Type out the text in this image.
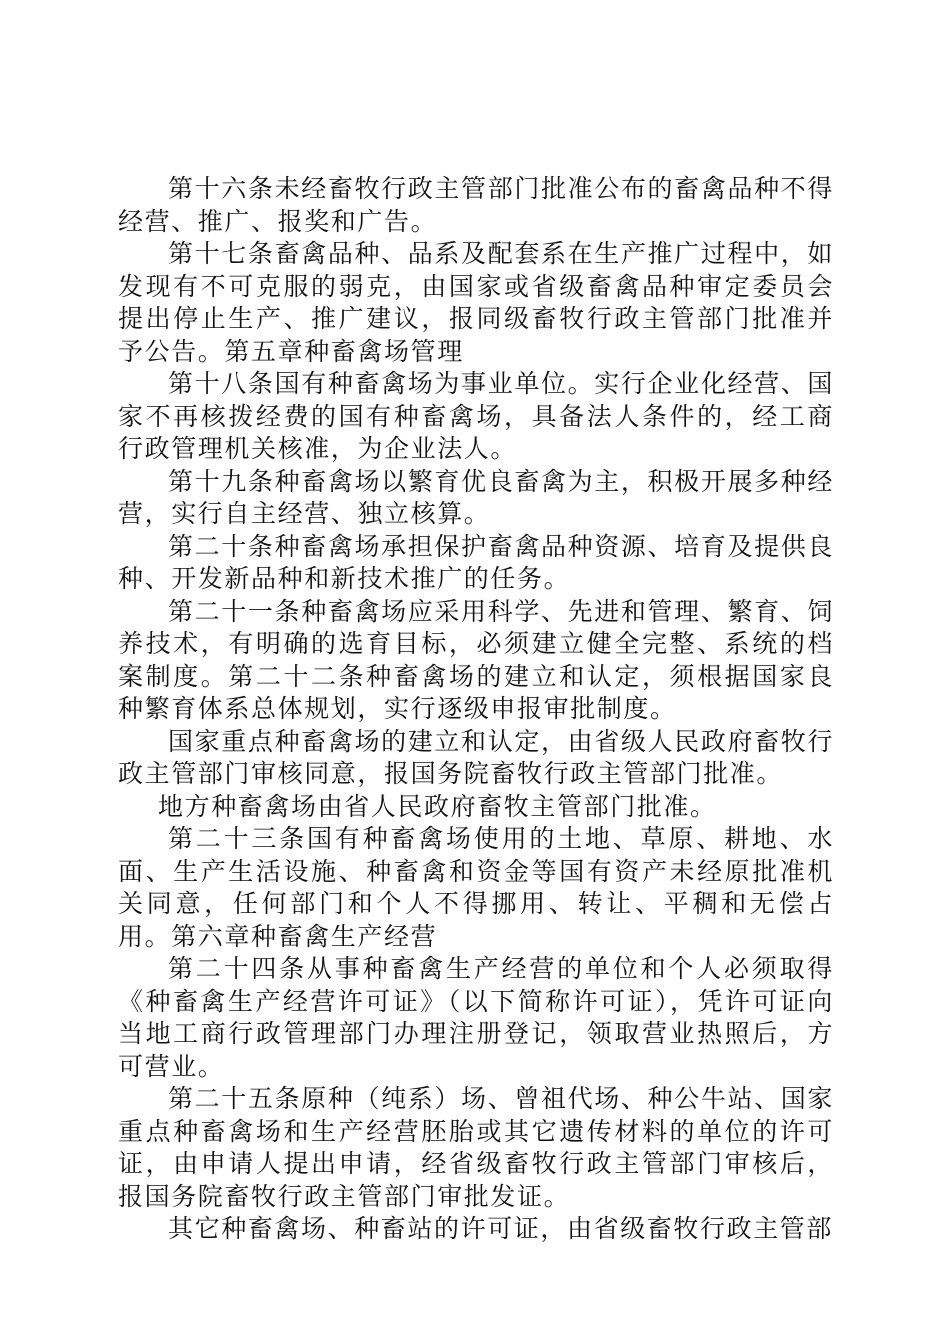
第十六条未经畜牧行政主管部门批准公布的畜禽品种不得经营、推广、报奖和广告。

第十七条畜禽品种、品系及配套系在生产推广过程中，如发现有不可克服的弱克，由国家或省级畜禽品种审定委员会提出停止生产、推广建议，报同级畜牧行政主管部门批准并予公告。第五章种畜禽场管理

第十八条国有种畜禽场为事业单位。实行企业化经营、国家不再核拨经费的国有种畜禽场，具备法人条件的，经工商行政管理机关核准，为企业法人。

第十九条种畜禽场以繁育优良畜禽为主，积极开展多种经营，实行自主经营、独立核算。

第二十条种畜禽场承担保护畜禽品种资源、培育及提供良种、开发新品种和新技术推广的任务。

第二十一条种畜禽场应采用科学、先进和管理、繁育、饲养技术，有明确的选育目标，必须建立健全完整、系统的档案制度。第二十二条种畜禽场的建立和认定，须根据国家良种繁育体系总体规划，实行逐级申报审批制度。

国家重点种畜禽场的建立和认定，由省级人民政府畜牧行政主管部门审核同意，报国务院畜牧行政主管部门批准。

地方种畜禽场由省人民政府畜牧主管部门批准。

第二十三条国有种畜禽场使用的土地、草原、耕地、水面、生产生活设施、种畜禽和资金等国有资产未经原批准机关同意，任何部门和个人不得挪用、转让、平稠和无偿占用。第六章种畜禽生产经营

第二十四条从事种畜禽生产经营的单位和个人必须取得《种畜禽生产经营许可证》（以下简称许可证），凭许可证向当地工商行政管理部门办理注册登记，领取营业热照后，方可营业。

第二十五条原种（纯系）场、曾祖代场、种公牛站、国家重点种畜禽场和生产经营胚胎或其它遗传材料的单位的许可证，由申请人提出申请，经省级畜牧行政主管部门审核后，报国务院畜牧行政主管部门审批发证。

其它种畜禽场、种畜站的许可证，由省级畜牧行政主管部
